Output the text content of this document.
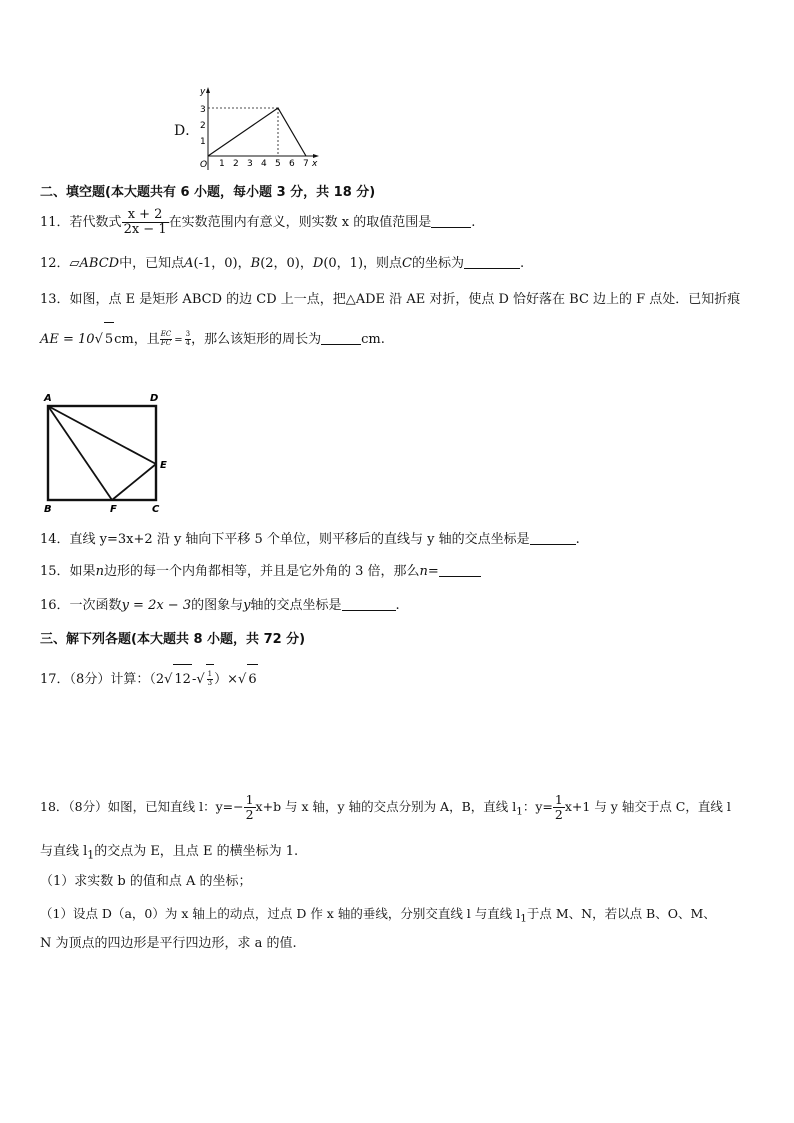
D．
y
x
O
1
2
3
1 2 3 4 5 6 7
二、填空题(本大题共有 6 小题，每小题 3 分，共 18 分)
11．若代数式 $\frac{x + 2}{2x - 1}$ 在实数范围内有意义，则实数 x 的取值范围是	.
12．▱ABCD中，已知点A(-1，0)，B(2，0)，D(0，1)，则点C的坐标为	.
13．如图，点 E 是矩形 ABCD 的边 CD 上一点，把△ADE 沿 AE 对折，使点 D 恰好落在 BC 边上的 F 点处．已知折痕
AE = 10√ 5cm，且 $\frac{EC}{FC} = \frac{3}{4}$ ，那么该矩形的周长为	cm.
A	D
E
B	F	C
14．直线 y=3x+2 沿 y 轴向下平移 5 个单位，则平移后的直线与 y 轴的交点坐标是	.
15．如果n边形的每一个内角都相等，并且是它外角的 3 倍，那么n=
16．一次函数y = 2x − 3的图象与y轴的交点坐标是	.
三、解下列各题(本大题共 8 小题，共 72 分)
17．（8分）计算：（2√ $12-√ \frac{1}{3}$ ）×√ 6
18．（8分）如图，已知直线 l：$y=- \frac{1}{2} x+b$ 与 x 轴，y 轴的交点分别为 A，B，直线 $l_1$：$y= \frac{1}{2} x+1$ 与 y 轴交于点 C，直线 l
与直线 $l_1$的交点为 E，且点 E 的横坐标为 1.
（1）求实数 b 的值和点 A 的坐标；
（1）设点 D（a，0）为 x 轴上的动点，过点 D 作 x 轴的垂线，分别交直线 l 与直线 $l_1$于点 M、N，若以点 B、O、M、
N 为顶点的四边形是平行四边形，求 a 的值.
